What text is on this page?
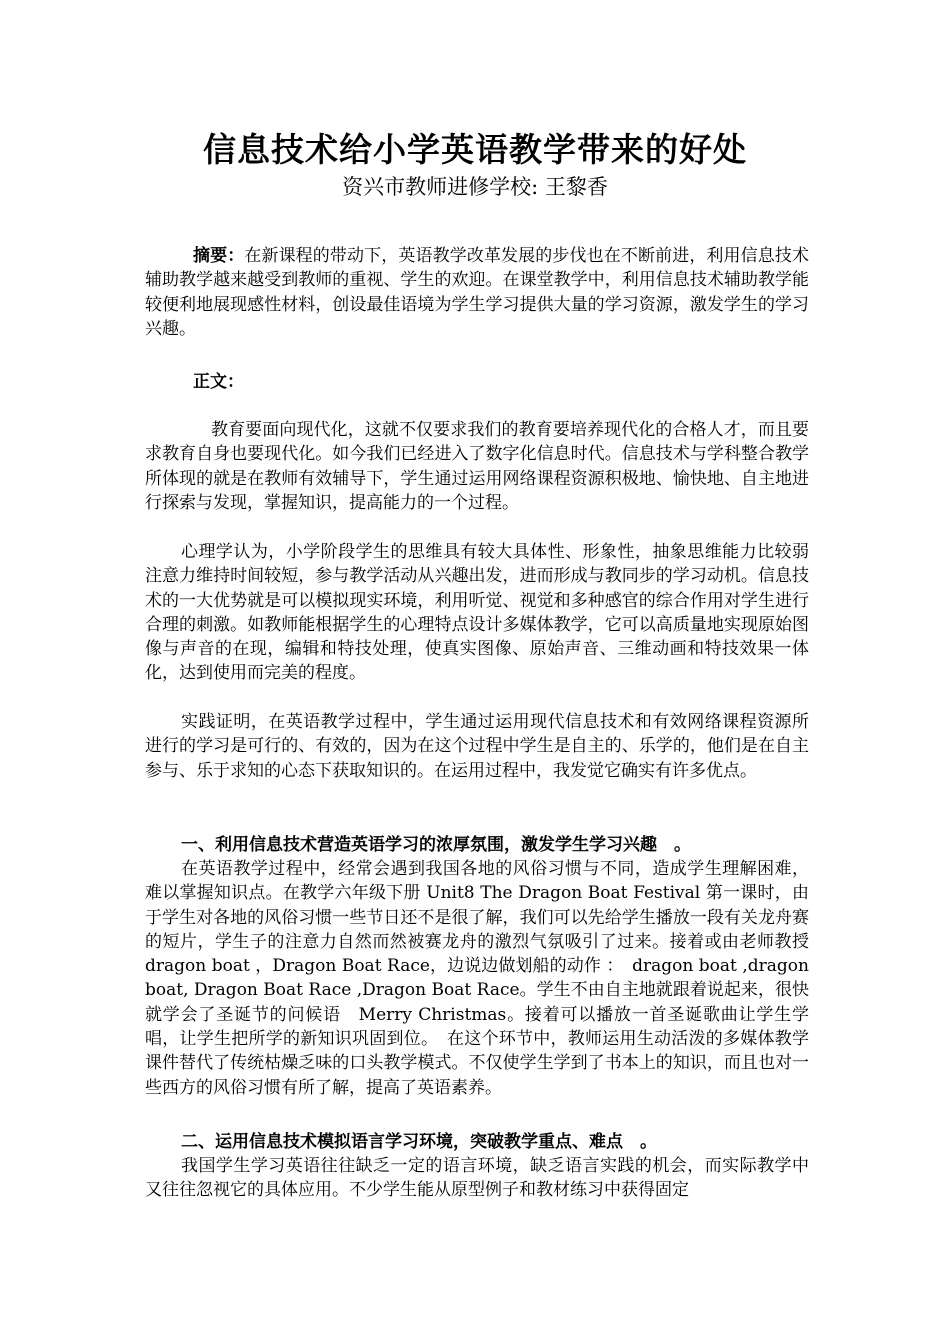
信息技术给小学英语教学带来的好处
资兴市教师进修学校: 王黎香
摘要：在新课程的带动下，英语教学改革发展的步伐也在不断前进，利用信息技术辅助教学越来越受到教师的重视、学生的欢迎。在课堂教学中，利用信息技术辅助教学能较便利地展现感性材料，创设最佳语境为学生学习提供大量的学习资源，激发学生的学习兴趣。
正文：
教育要面向现代化，这就不仅要求我们的教育要培养现代化的合格人才，而且要求教育自身也要现代化。如今我们已经进入了数字化信息时代。信息技术与学科整合教学所体现的就是在教师有效辅导下，学生通过运用网络课程资源积极地、愉快地、自主地进行探索与发现，掌握知识，提高能力的一个过程。
心理学认为，小学阶段学生的思维具有较大具体性、形象性，抽象思维能力比较弱注意力维持时间较短，参与教学活动从兴趣出发，进而形成与教同步的学习动机。信息技术的一大优势就是可以模拟现实环境，利用听觉、视觉和多种感官的综合作用对学生进行合理的刺激。如教师能根据学生的心理特点设计多媒体教学，它可以高质量地实现原始图像与声音的在现，编辑和特技处理，使真实图像、原始声音、三维动画和特技效果一体化，达到使用而完美的程度。
实践证明，在英语教学过程中，学生通过运用现代信息技术和有效网络课程资源所进行的学习是可行的、有效的，因为在这个过程中学生是自主的、乐学的，他们是在自主参与、乐于求知的心态下获取知识的。在运用过程中，我发觉它确实有许多优点。
一、利用信息技术营造英语学习的浓厚氛围，激发学生学习兴趣　。
在英语教学过程中，经常会遇到我国各地的风俗习惯与不同，造成学生理解困难，难以掌握知识点。在教学六年级下册 Unit8 The Dragon Boat Festival 第一课时，由于学生对各地的风俗习惯一些节日还不是很了解，我们可以先给学生播放一段有关龙舟赛的短片，学生子的注意力自然而然被赛龙舟的激烈气氛吸引了过来。接着或由老师教授 dragon boat ，Dragon Boat Race，边说边做划船的动作 ：　dragon boat ,dragon boat, Dragon Boat Race ,Dragon Boat Race。学生不由自主地就跟着说起来，很快就学会了圣诞节的问候语　Merry Christmas。接着可以播放一首圣诞歌曲让学生学唱，让学生把所学的新知识巩固到位。　在这个环节中，教师运用生动活泼的多媒体教学课件替代了传统枯燥乏味的口头教学模式。不仅使学生学到了书本上的知识，而且也对一些西方的风俗习惯有所了解，提高了英语素养。
二、运用信息技术模拟语言学习环境，突破教学重点、难点　。
我国学生学习英语往往缺乏一定的语言环境，缺乏语言实践的机会，而实际教学中又往往忽视它的具体应用。不少学生能从原型例子和教材练习中获得固定
